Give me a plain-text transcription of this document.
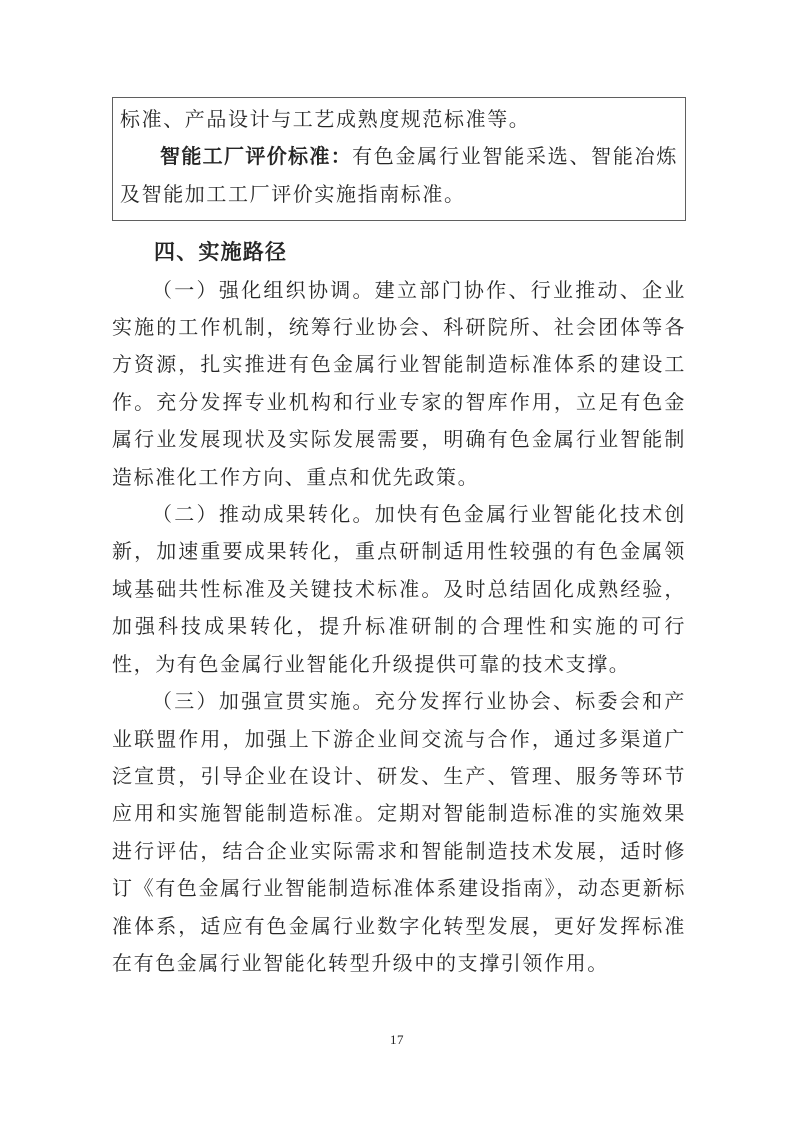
标准、产品设计与工艺成熟度规范标准等。

智能工厂评价标准：有色金属行业智能采选、智能冶炼及智能加工工厂评价实施指南标准。

四、实施路径

（一）强化组织协调。建立部门协作、行业推动、企业实施的工作机制，统筹行业协会、科研院所、社会团体等各方资源，扎实推进有色金属行业智能制造标准体系的建设工作。充分发挥专业机构和行业专家的智库作用，立足有色金属行业发展现状及实际发展需要，明确有色金属行业智能制造标准化工作方向、重点和优先政策。

（二）推动成果转化。加快有色金属行业智能化技术创新，加速重要成果转化，重点研制适用性较强的有色金属领域基础共性标准及关键技术标准。及时总结固化成熟经验，加强科技成果转化，提升标准研制的合理性和实施的可行性，为有色金属行业智能化升级提供可靠的技术支撑。

（三）加强宣贯实施。充分发挥行业协会、标委会和产业联盟作用，加强上下游企业间交流与合作，通过多渠道广泛宣贯，引导企业在设计、研发、生产、管理、服务等环节应用和实施智能制造标准。定期对智能制造标准的实施效果进行评估，结合企业实际需求和智能制造技术发展，适时修订《有色金属行业智能制造标准体系建设指南》，动态更新标准体系，适应有色金属行业数字化转型发展，更好发挥标准在有色金属行业智能化转型升级中的支撑引领作用。

17
